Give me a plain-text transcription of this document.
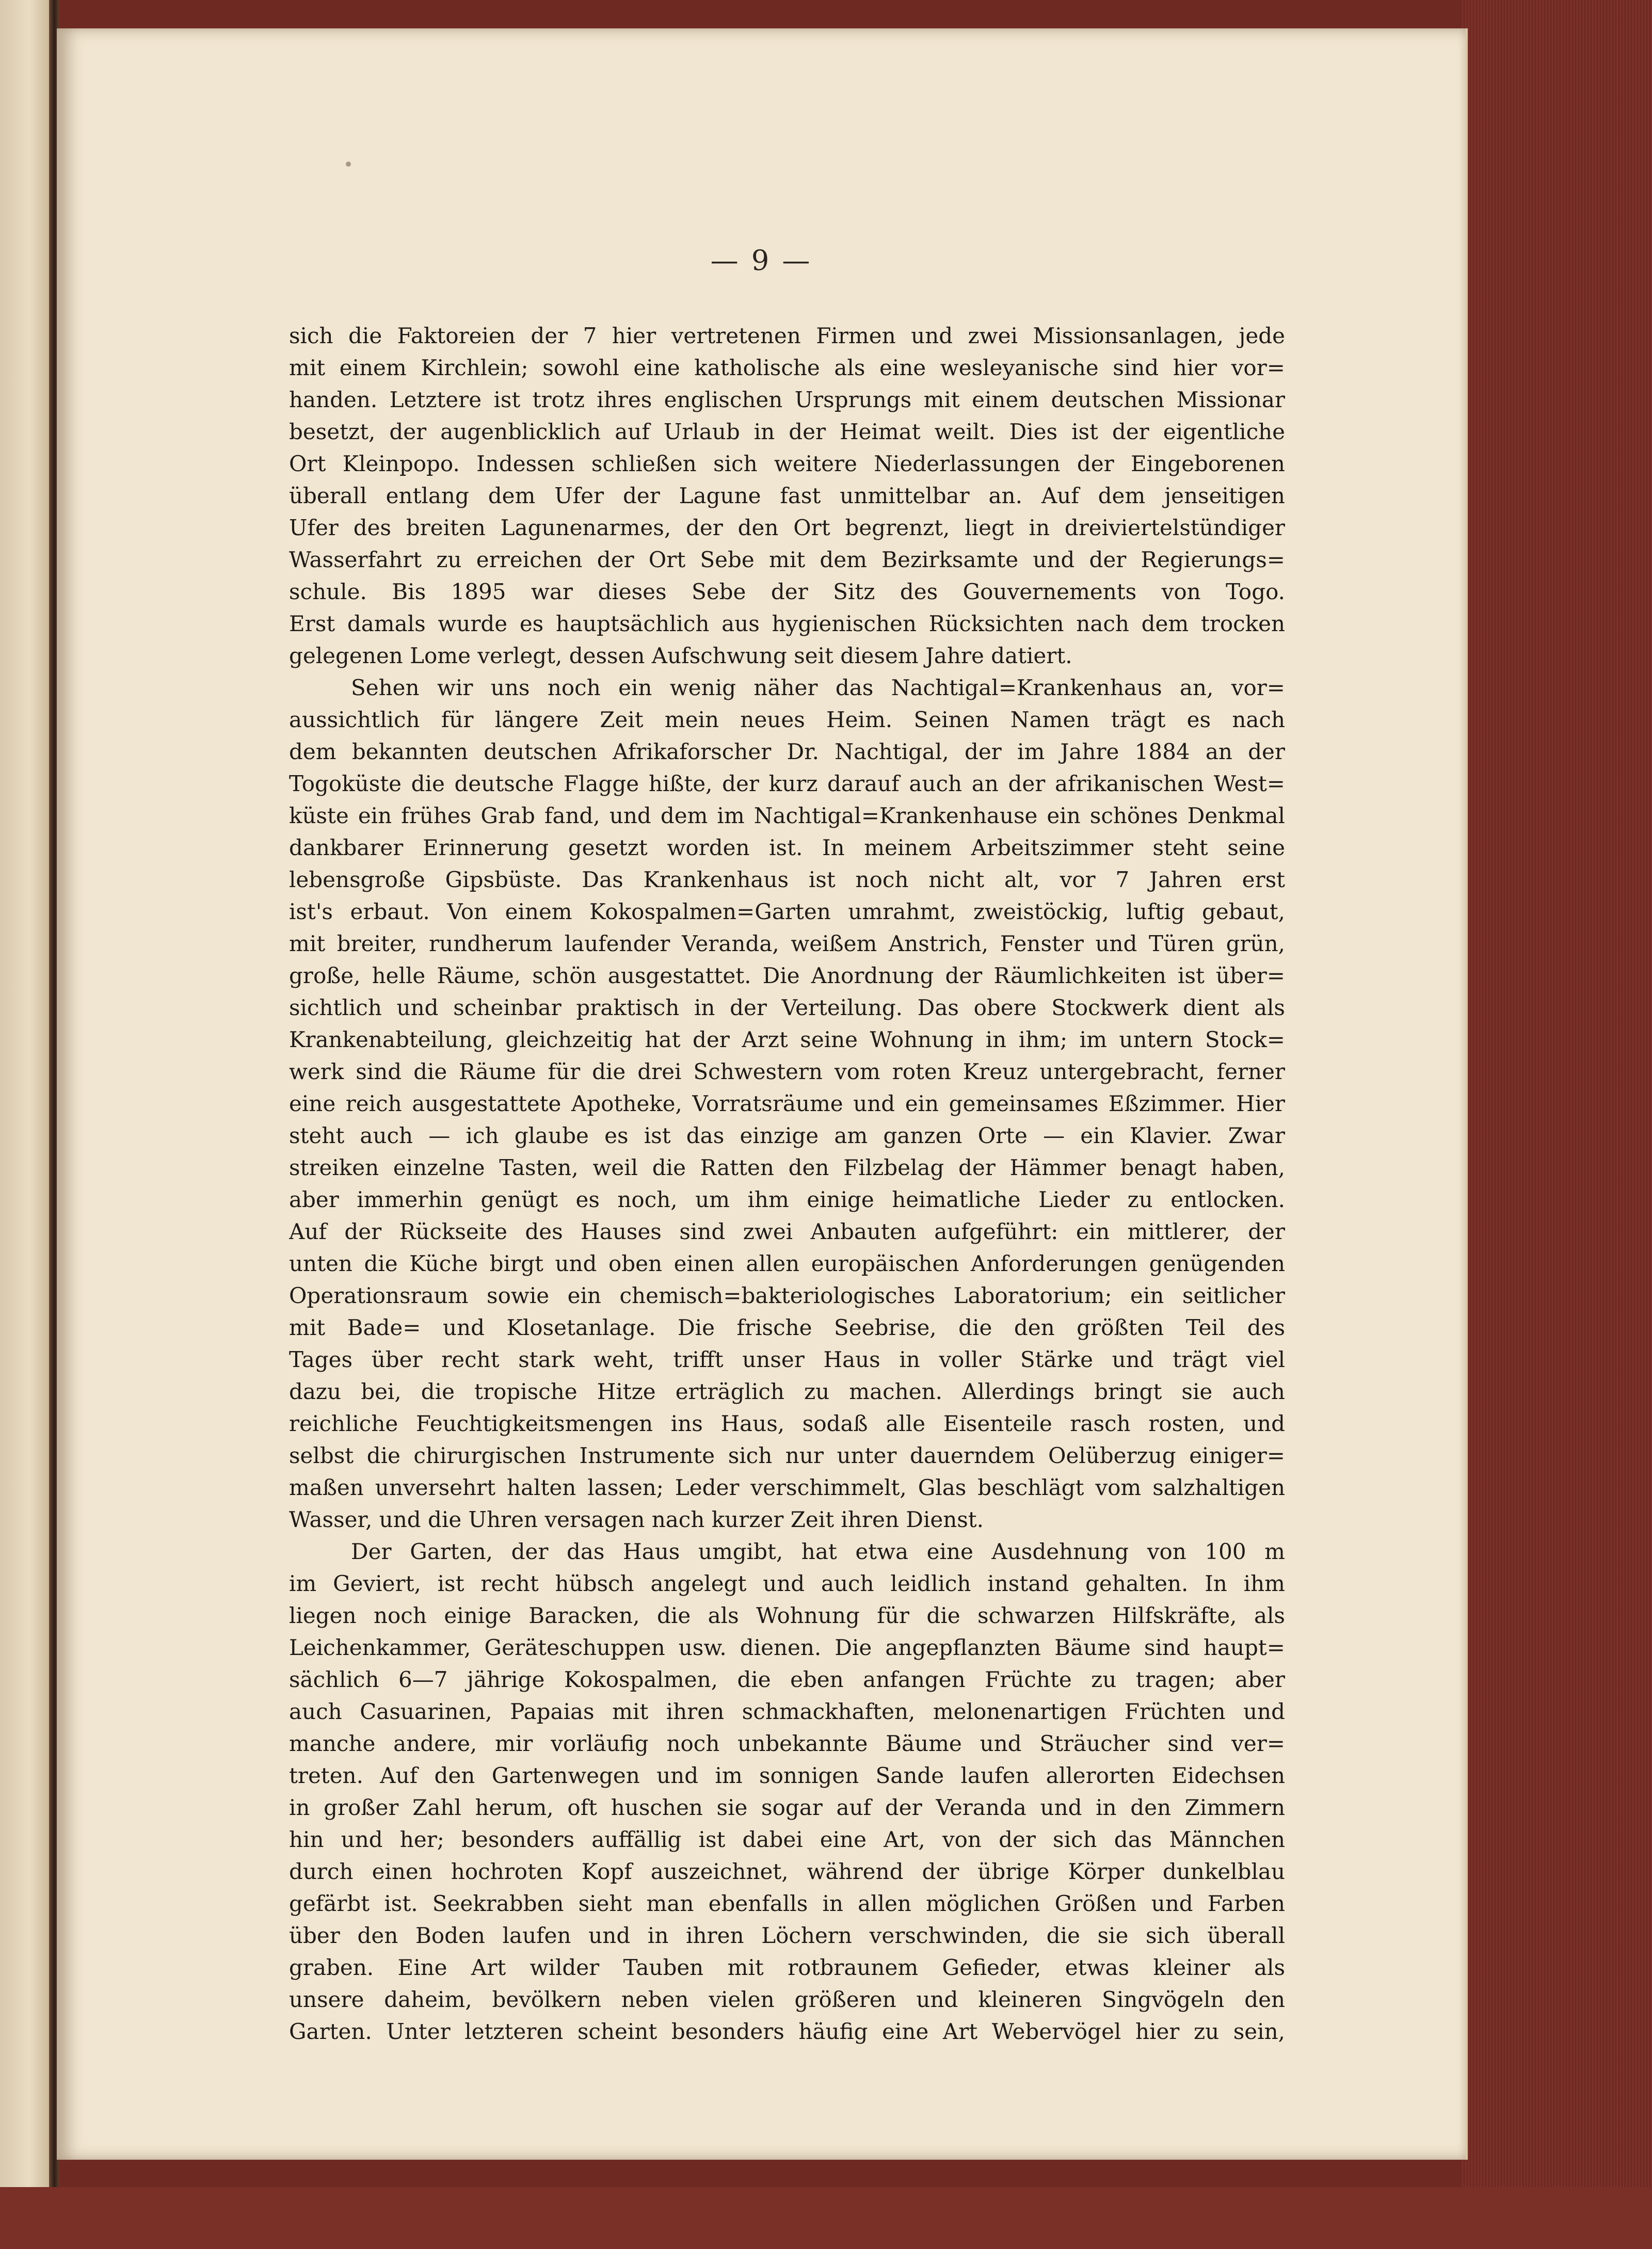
— 9 —
sich die Faktoreien der 7 hier vertretenen Firmen und zwei Missionsanlagen, jede
mit einem Kirchlein; sowohl eine katholische als eine wesleyanische sind hier vor=
handen. Letztere ist trotz ihres englischen Ursprungs mit einem deutschen Missionar
besetzt, der augenblicklich auf Urlaub in der Heimat weilt. Dies ist der eigentliche
Ort Kleinpopo. Indessen schließen sich weitere Niederlassungen der Eingeborenen
überall entlang dem Ufer der Lagune fast unmittelbar an. Auf dem jenseitigen
Ufer des breiten Lagunenarmes, der den Ort begrenzt, liegt in dreiviertelstündiger
Wasserfahrt zu erreichen der Ort Sebe mit dem Bezirksamte und der Regierungs=
schule. Bis 1895 war dieses Sebe der Sitz des Gouvernements von Togo.
Erst damals wurde es hauptsächlich aus hygienischen Rücksichten nach dem trocken
gelegenen Lome verlegt, dessen Aufschwung seit diesem Jahre datiert.
Sehen wir uns noch ein wenig näher das Nachtigal=Krankenhaus an, vor=
aussichtlich für längere Zeit mein neues Heim. Seinen Namen trägt es nach
dem bekannten deutschen Afrikaforscher Dr. Nachtigal, der im Jahre 1884 an der
Togoküste die deutsche Flagge hißte, der kurz darauf auch an der afrikanischen West=
küste ein frühes Grab fand, und dem im Nachtigal=Krankenhause ein schönes Denkmal
dankbarer Erinnerung gesetzt worden ist. In meinem Arbeitszimmer steht seine
lebensgroße Gipsbüste. Das Krankenhaus ist noch nicht alt, vor 7 Jahren erst
ist's erbaut. Von einem Kokospalmen=Garten umrahmt, zweistöckig, luftig gebaut,
mit breiter, rundherum laufender Veranda, weißem Anstrich, Fenster und Türen grün,
große, helle Räume, schön ausgestattet. Die Anordnung der Räumlichkeiten ist über=
sichtlich und scheinbar praktisch in der Verteilung. Das obere Stockwerk dient als
Krankenabteilung, gleichzeitig hat der Arzt seine Wohnung in ihm; im untern Stock=
werk sind die Räume für die drei Schwestern vom roten Kreuz untergebracht, ferner
eine reich ausgestattete Apotheke, Vorratsräume und ein gemeinsames Eßzimmer. Hier
steht auch — ich glaube es ist das einzige am ganzen Orte — ein Klavier. Zwar
streiken einzelne Tasten, weil die Ratten den Filzbelag der Hämmer benagt haben,
aber immerhin genügt es noch, um ihm einige heimatliche Lieder zu entlocken.
Auf der Rückseite des Hauses sind zwei Anbauten aufgeführt: ein mittlerer, der
unten die Küche birgt und oben einen allen europäischen Anforderungen genügenden
Operationsraum sowie ein chemisch=bakteriologisches Laboratorium; ein seitlicher
mit Bade= und Klosetanlage. Die frische Seebrise, die den größten Teil des
Tages über recht stark weht, trifft unser Haus in voller Stärke und trägt viel
dazu bei, die tropische Hitze erträglich zu machen. Allerdings bringt sie auch
reichliche Feuchtigkeitsmengen ins Haus, sodaß alle Eisenteile rasch rosten, und
selbst die chirurgischen Instrumente sich nur unter dauerndem Oelüberzug einiger=
maßen unversehrt halten lassen; Leder verschimmelt, Glas beschlägt vom salzhaltigen
Wasser, und die Uhren versagen nach kurzer Zeit ihren Dienst.
Der Garten, der das Haus umgibt, hat etwa eine Ausdehnung von 100 m
im Geviert, ist recht hübsch angelegt und auch leidlich instand gehalten. In ihm
liegen noch einige Baracken, die als Wohnung für die schwarzen Hilfskräfte, als
Leichenkammer, Geräteschuppen usw. dienen. Die angepflanzten Bäume sind haupt=
sächlich 6—7 jährige Kokospalmen, die eben anfangen Früchte zu tragen; aber
auch Casuarinen, Papaias mit ihren schmackhaften, melonenartigen Früchten und
manche andere, mir vorläufig noch unbekannte Bäume und Sträucher sind ver=
treten. Auf den Gartenwegen und im sonnigen Sande laufen allerorten Eidechsen
in großer Zahl herum, oft huschen sie sogar auf der Veranda und in den Zimmern
hin und her; besonders auffällig ist dabei eine Art, von der sich das Männchen
durch einen hochroten Kopf auszeichnet, während der übrige Körper dunkelblau
gefärbt ist. Seekrabben sieht man ebenfalls in allen möglichen Größen und Farben
über den Boden laufen und in ihren Löchern verschwinden, die sie sich überall
graben. Eine Art wilder Tauben mit rotbraunem Gefieder, etwas kleiner als
unsere daheim, bevölkern neben vielen größeren und kleineren Singvögeln den
Garten. Unter letzteren scheint besonders häufig eine Art Webervögel hier zu sein,
